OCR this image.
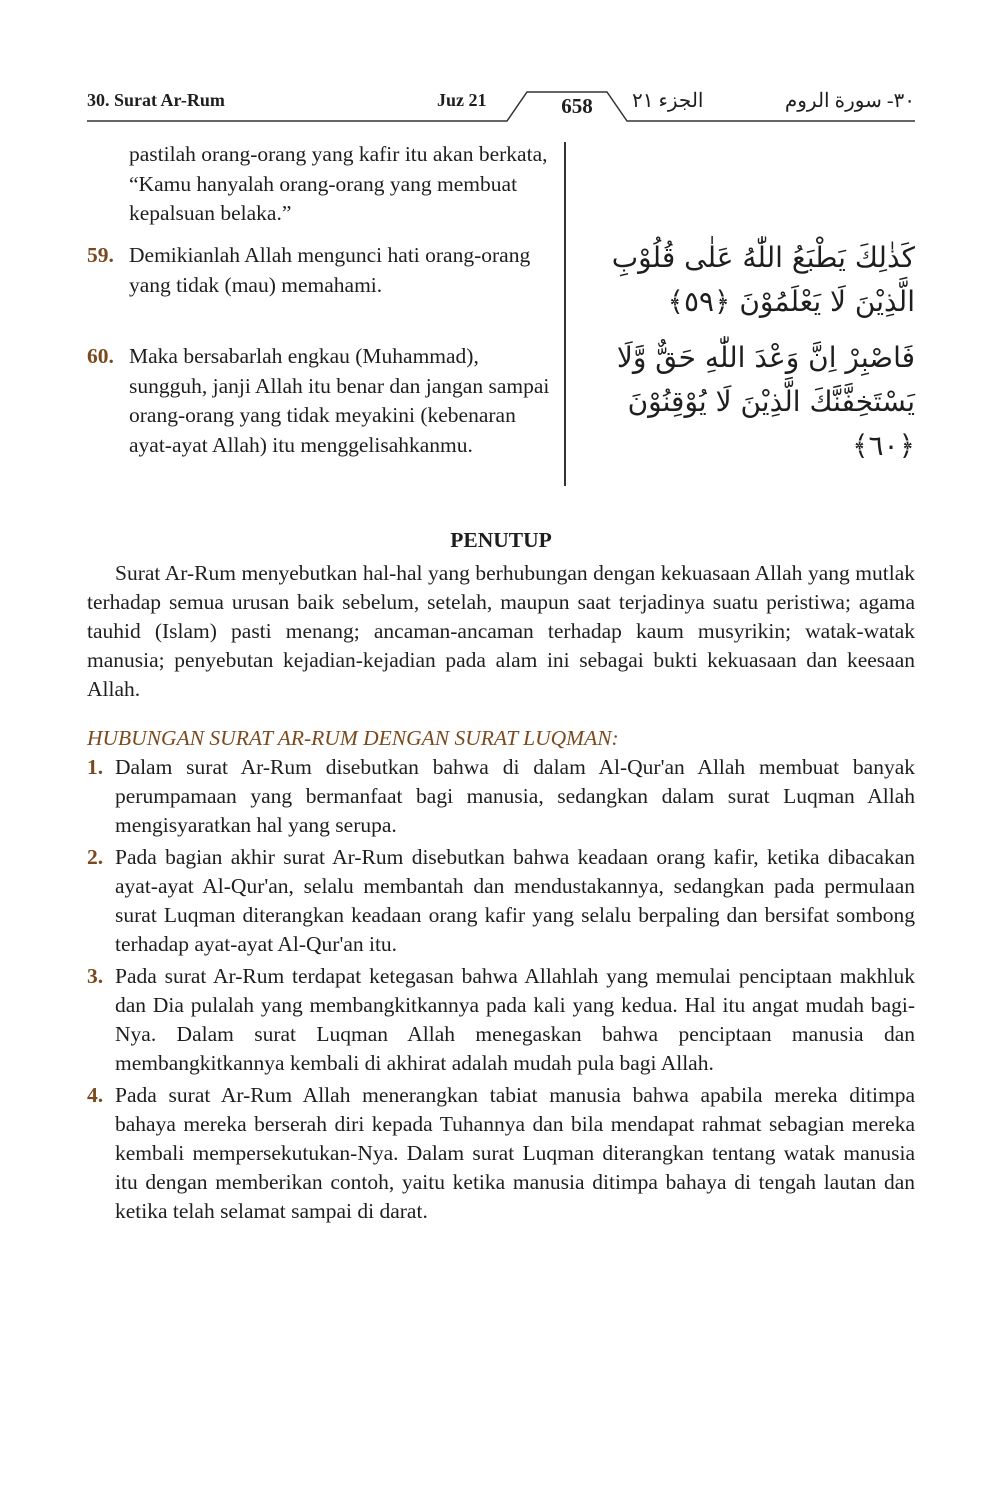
30. Surat Ar-Rum	Juz 21	658	الجزء ٢١	٣٠- سورة الروم
pastilah orang-orang yang kafir itu akan berkata, “Kamu hanyalah orang-orang yang membuat kepalsuan belaka.”
59. Demikianlah Allah mengunci hati orang-orang yang tidak (mau) memahami.
كَذٰلِكَ يَطْبَعُ اللّٰهُ عَلٰى قُلُوْبِ الَّذِيْنَ لَا يَعْلَمُوْنَ ﴿٥٩﴾
60. Maka bersabarlah engkau (Muhammad), sungguh, janji Allah itu benar dan jangan sampai orang-orang yang tidak meyakini (kebenaran ayat-ayat Allah) itu menggelisahkanmu.
فَاصْبِرْ اِنَّ وَعْدَ اللّٰهِ حَقٌّ وَّلَا يَسْتَخِفَّنَّكَ الَّذِيْنَ لَا يُوْقِنُوْنَ ﴿٦٠﴾
PENUTUP

Surat Ar-Rum menyebutkan hal-hal yang berhubungan dengan kekuasaan Allah yang mutlak terhadap semua urusan baik sebelum, setelah, maupun saat terjadinya suatu peristiwa; agama tauhid (Islam) pasti menang; ancaman-ancaman terhadap kaum musyrikin; watak-watak manusia; penyebutan kejadian-kejadian pada alam ini sebagai bukti kekuasaan dan keesaan Allah.

HUBUNGAN SURAT AR-RUM DENGAN SURAT LUQMAN:
1. Dalam surat Ar-Rum disebutkan bahwa di dalam Al-Qur'an Allah membuat banyak perumpamaan yang bermanfaat bagi manusia, sedangkan dalam surat Luqman Allah mengisyaratkan hal yang serupa.
2. Pada bagian akhir surat Ar-Rum disebutkan bahwa keadaan orang kafir, ketika dibacakan ayat-ayat Al-Qur'an, selalu membantah dan mendustakannya, sedangkan pada permulaan surat Luqman diterangkan keadaan orang kafir yang selalu berpaling dan bersifat sombong terhadap ayat-ayat Al-Qur'an itu.
3. Pada surat Ar-Rum terdapat ketegasan bahwa Allahlah yang memulai penciptaan makhluk dan Dia pulalah yang membangkitkannya pada kali yang kedua. Hal itu angat mudah bagi-Nya. Dalam surat Luqman Allah menegaskan bahwa penciptaan manusia dan membangkitkannya kembali di akhirat adalah mudah pula bagi Allah.
4. Pada surat Ar-Rum Allah menerangkan tabiat manusia bahwa apabila mereka ditimpa bahaya mereka berserah diri kepada Tuhannya dan bila mendapat rahmat sebagian mereka kembali mempersekutukan-Nya. Dalam surat Luqman diterangkan tentang watak manusia itu dengan memberikan contoh, yaitu ketika manusia ditimpa bahaya di tengah lautan dan ketika telah selamat sampai di darat.
